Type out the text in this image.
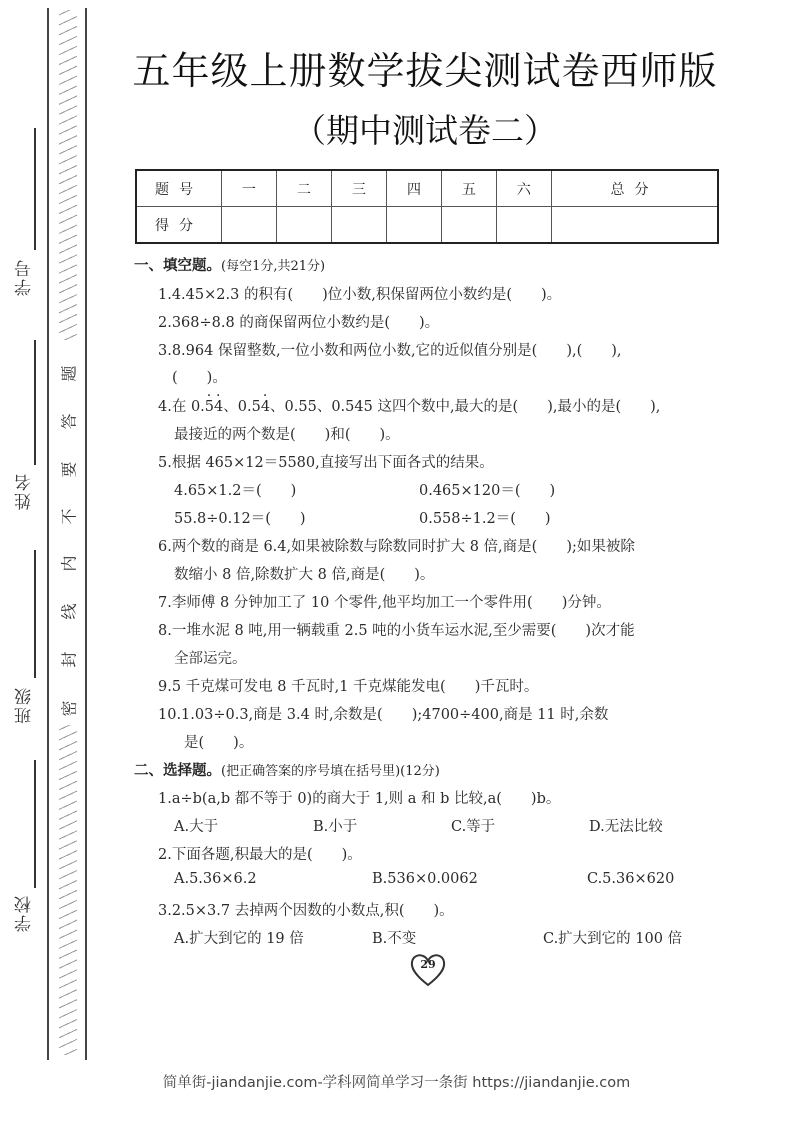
学号
姓名
班级
学校
密
封
线
内
不
要
答
题
五年级上册数学拔尖测试卷西师版
（期中测试卷二）
题号	一	二	三	四	五	六	总分
得分							
一、填空题。(每空1分,共21分)
1.4.45×2.3 的积有(　　)位小数,积保留两位小数约是(　　)。
2.368÷8.8 的商保留两位小数约是(　　)。
3.8.964 保留整数,一位小数和两位小数,它的近似值分别是(　　),(　　),
(　　)。
4.在 0.· 5· 4、0.5· 4、0.55、0.545 这四个数中,最大的是(　　),最小的是(　　),
最接近的两个数是(　　)和(　　)。
5.根据 465×12＝5580,直接写出下面各式的结果。
4.65×1.2＝(　　)	0.465×120＝(　　)
55.8÷0.12＝(　　)	0.558÷1.2＝(　　)
6.两个数的商是 6.4,如果被除数与除数同时扩大 8 倍,商是(　　);如果被除
数缩小 8 倍,除数扩大 8 倍,商是(　　)。
7.李师傅 8 分钟加工了 10 个零件,他平均加工一个零件用(　　)分钟。
8.一堆水泥 8 吨,用一辆载重 2.5 吨的小货车运水泥,至少需要(　　)次才能
全部运完。
9.5 千克煤可发电 8 千瓦时,1 千克煤能发电(　　)千瓦时。
10.1.03÷0.3,商是 3.4 时,余数是(　　);4700÷400,商是 11 时,余数
是(　　)。
二、选择题。(把正确答案的序号填在括号里)(12分)
1.a÷b(a,b 都不等于 0)的商大于 1,则 a 和 b 比较,a(　　)b。
A.大于	B.小于	C.等于	D.无法比较
2.下面各题,积最大的是(　　)。
A.5.36×6.2	B.536×0.0062	C.5.36×620
3.2.5×3.7 去掉两个因数的小数点,积(　　)。
A.扩大到它的 19 倍	B.不变	C.扩大到它的 100 倍
29
简单街-jiandanjie.com-学科网简单学习一条街 https://jiandanjie.com
